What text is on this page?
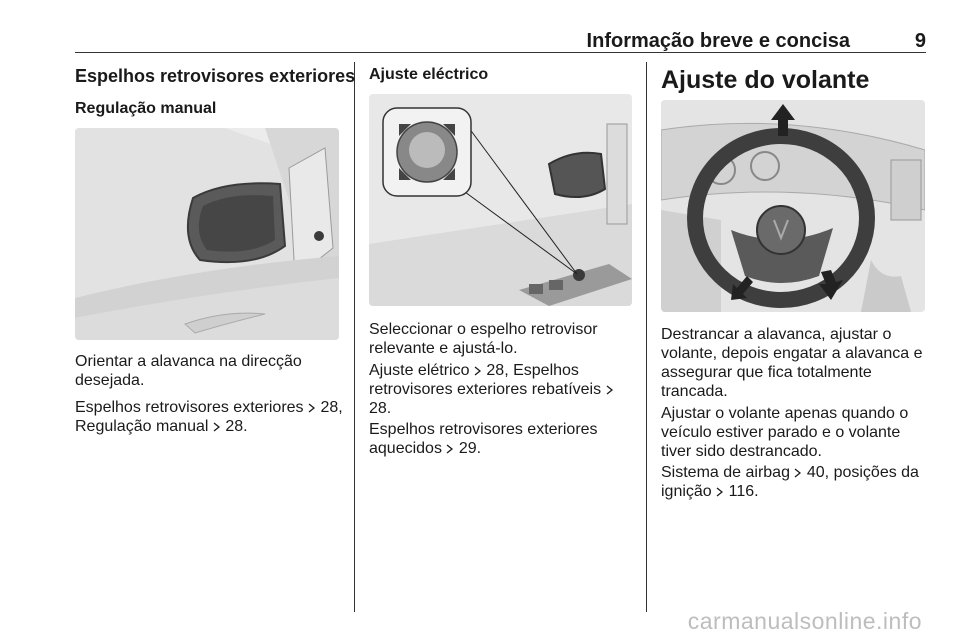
Informação breve e concisa	9
Espelhos retrovisores exteriores
Regulação manual

Orientar a alavanca na direcção desejada.

Espelhos retrovisores exteriores 28, Regulação manual 28.

Ajuste eléctrico

Seleccionar o espelho retrovisor relevante e ajustá-lo.

Ajuste elétrico 28, Espelhos retrovisores exteriores rebatíveis
28.

Espelhos retrovisores exteriores aquecidos 29.

Ajuste do volante

Destrancar a alavanca, ajustar o volante, depois engatar a alavanca e assegurar que fica totalmente trancada.

Ajustar o volante apenas quando o veículo estiver parado e o volante tiver sido destrancado.

Sistema de airbag 40, posições da ignição 116.

carmanualsonline.info
